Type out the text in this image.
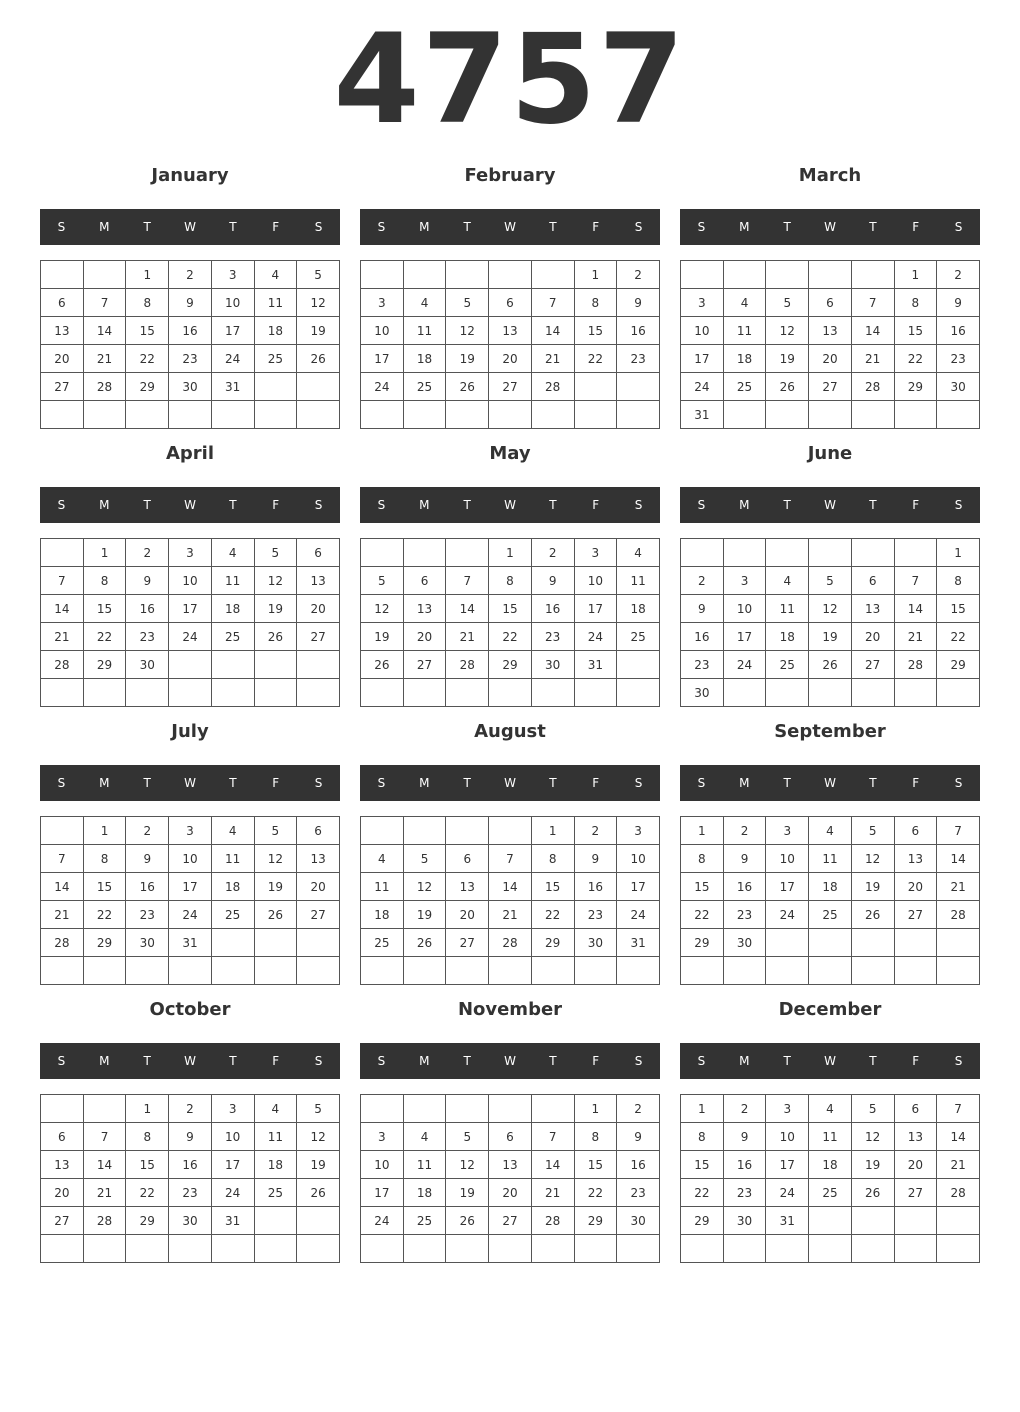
4757
January
S	M	T	W	T	F	S
		1	2	3	4	5
6	7	8	9	10	11	12
13	14	15	16	17	18	19
20	21	22	23	24	25	26
27	28	29	30	31		

February
S	M	T	W	T	F	S
					1	2
3	4	5	6	7	8	9
10	11	12	13	14	15	16
17	18	19	20	21	22	23
24	25	26	27	28		

March
S	M	T	W	T	F	S
					1	2
3	4	5	6	7	8	9
10	11	12	13	14	15	16
17	18	19	20	21	22	23
24	25	26	27	28	29	30
31						
April
S	M	T	W	T	F	S
	1	2	3	4	5	6
7	8	9	10	11	12	13
14	15	16	17	18	19	20
21	22	23	24	25	26	27
28	29	30				

May
S	M	T	W	T	F	S
			1	2	3	4
5	6	7	8	9	10	11
12	13	14	15	16	17	18
19	20	21	22	23	24	25
26	27	28	29	30	31	

June
S	M	T	W	T	F	S
						1
2	3	4	5	6	7	8
9	10	11	12	13	14	15
16	17	18	19	20	21	22
23	24	25	26	27	28	29
30						
July
S	M	T	W	T	F	S
	1	2	3	4	5	6
7	8	9	10	11	12	13
14	15	16	17	18	19	20
21	22	23	24	25	26	27
28	29	30	31			

August
S	M	T	W	T	F	S
				1	2	3
4	5	6	7	8	9	10
11	12	13	14	15	16	17
18	19	20	21	22	23	24
25	26	27	28	29	30	31

September
S	M	T	W	T	F	S
1	2	3	4	5	6	7
8	9	10	11	12	13	14
15	16	17	18	19	20	21
22	23	24	25	26	27	28
29	30					

October
S	M	T	W	T	F	S
		1	2	3	4	5
6	7	8	9	10	11	12
13	14	15	16	17	18	19
20	21	22	23	24	25	26
27	28	29	30	31		

November
S	M	T	W	T	F	S
					1	2
3	4	5	6	7	8	9
10	11	12	13	14	15	16
17	18	19	20	21	22	23
24	25	26	27	28	29	30

December
S	M	T	W	T	F	S
1	2	3	4	5	6	7
8	9	10	11	12	13	14
15	16	17	18	19	20	21
22	23	24	25	26	27	28
29	30	31				
